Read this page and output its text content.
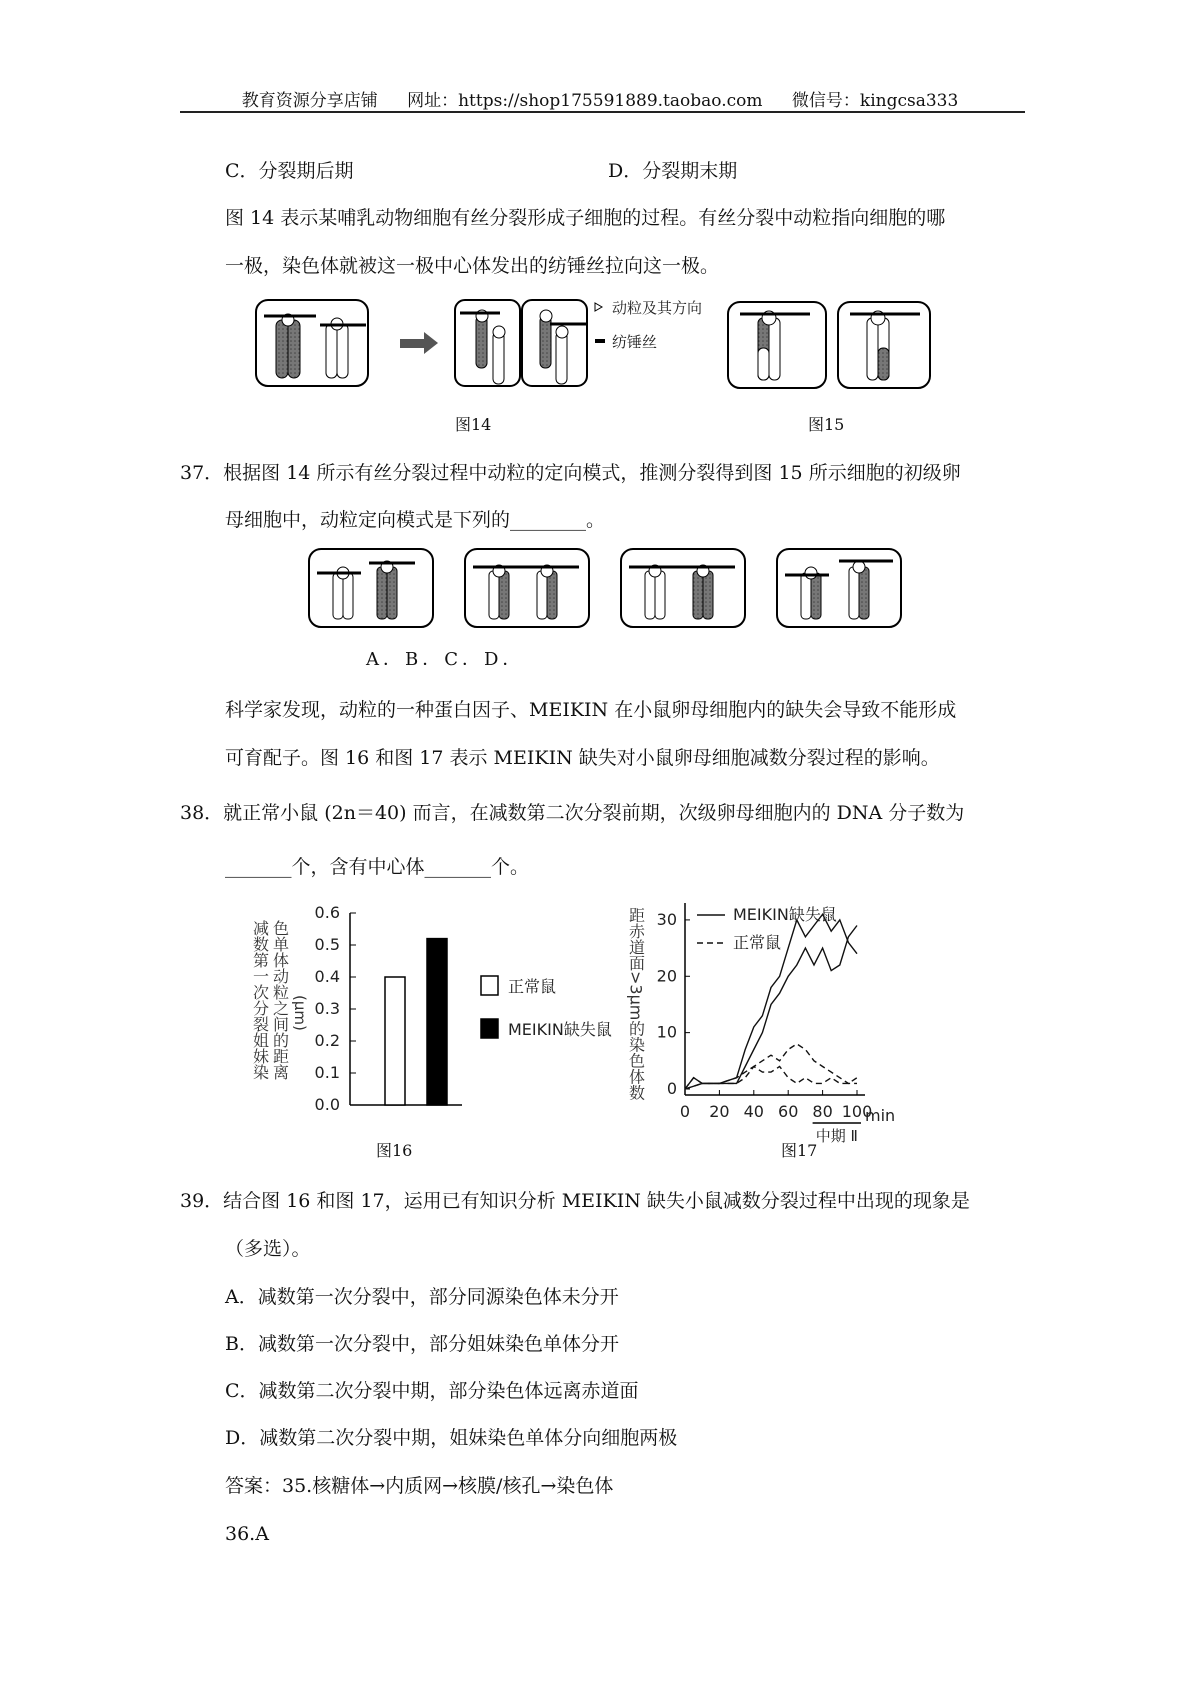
教育资源分享店铺 网址：https://shop175591889.taobao.com 微信号：kingcsa333
C．分裂期后期	D．分裂期末期
图 14 表示某哺乳动物细胞有丝分裂形成子细胞的过程。有丝分裂中动粒指向细胞的哪
一极，染色体就被这一极中心体发出的纺锤丝拉向这一极。
动粒及其方向
纺锤丝
图14	图15
37．根据图 14 所示有丝分裂过程中动粒的定向模式，推测分裂得到图 15 所示细胞的初级卵
母细胞中，动粒定向模式是下列的________。
A．B．C．D．
科学家发现，动粒的一种蛋白因子、MEIKIN 在小鼠卵母细胞内的缺失会导致不能形成
可育配子。图 16 和图 17 表示 MEIKIN 缺失对小鼠卵母细胞减数分裂过程的影响。
38．就正常小鼠 (2n＝40) 而言，在减数第二次分裂前期，次级卵母细胞内的 DNA 分子数为
_______个，含有中心体_______个。
减数第一次分裂姐妹染 色单体动粒之间的距离 (μm)
0.0
0.1
0.2
0.3
0.4
0.5
0.6
正常鼠
MEIKIN缺失鼠
图16
距赤道面>3μm的染色体数 0
10
20
30
0 20 40 60 80 100
min
中期 Ⅱ
MEIKIN缺失鼠
正常鼠
图17
39．结合图 16 和图 17，运用已有知识分析 MEIKIN 缺失小鼠减数分裂过程中出现的现象是
（多选）。
A．减数第一次分裂中，部分同源染色体未分开
B．减数第一次分裂中，部分姐妹染色单体分开
C．减数第二次分裂中期，部分染色体远离赤道面
D．减数第二次分裂中期，姐妹染色单体分向细胞两极
答案：35.核糖体→内质网→核膜/核孔→染色体
36.A
